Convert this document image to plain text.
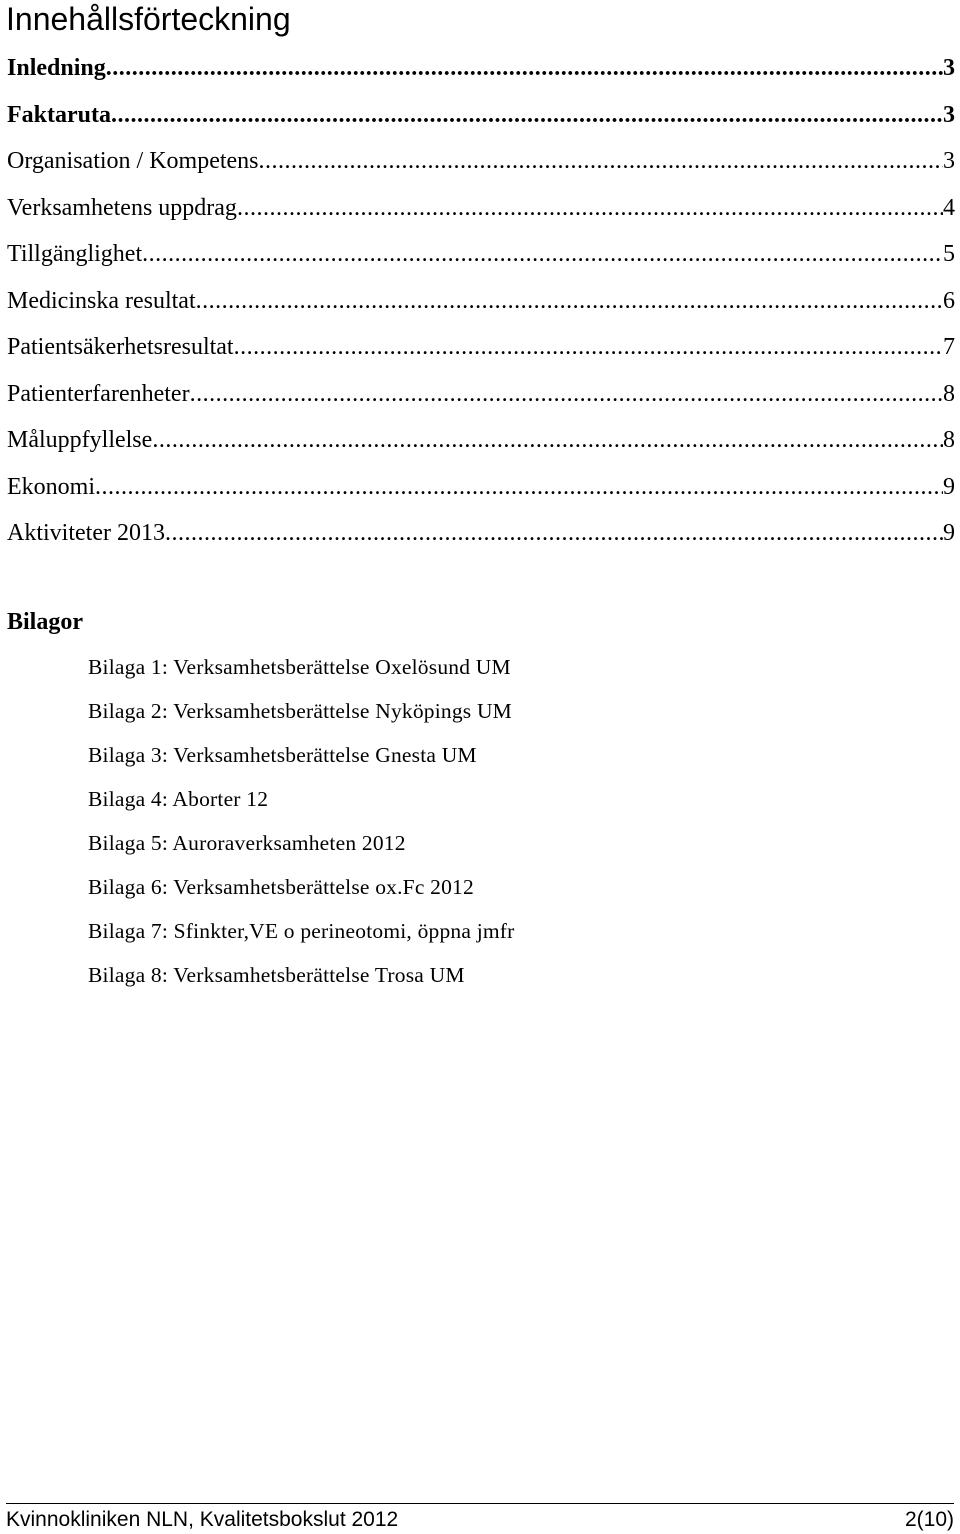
Innehållsförteckning
Inledning .....	3
Faktaruta .....	3
Organisation / Kompetens .....	3
Verksamhetens uppdrag .....	4
Tillgänglighet .....	5
Medicinska resultat .....	6
Patientsäkerhetsresultat .....	7
Patienterfarenheter .....	8
Måluppfyllelse .....	8
Ekonomi .....	9
Aktiviteter 2013 .....	9
Bilagor
Bilaga 1: Verksamhetsberättelse Oxelösund UM
Bilaga 2: Verksamhetsberättelse Nyköpings UM
Bilaga 3: Verksamhetsberättelse Gnesta UM
Bilaga 4: Aborter 12
Bilaga 5: Auroraverksamheten 2012
Bilaga 6: Verksamhetsberättelse ox.Fc 2012
Bilaga 7: Sfinkter,VE o perineotomi, öppna jmfr
Bilaga 8: Verksamhetsberättelse Trosa UM
Kvinnokliniken NLN, Kvalitetsbokslut 2012	2(10)
